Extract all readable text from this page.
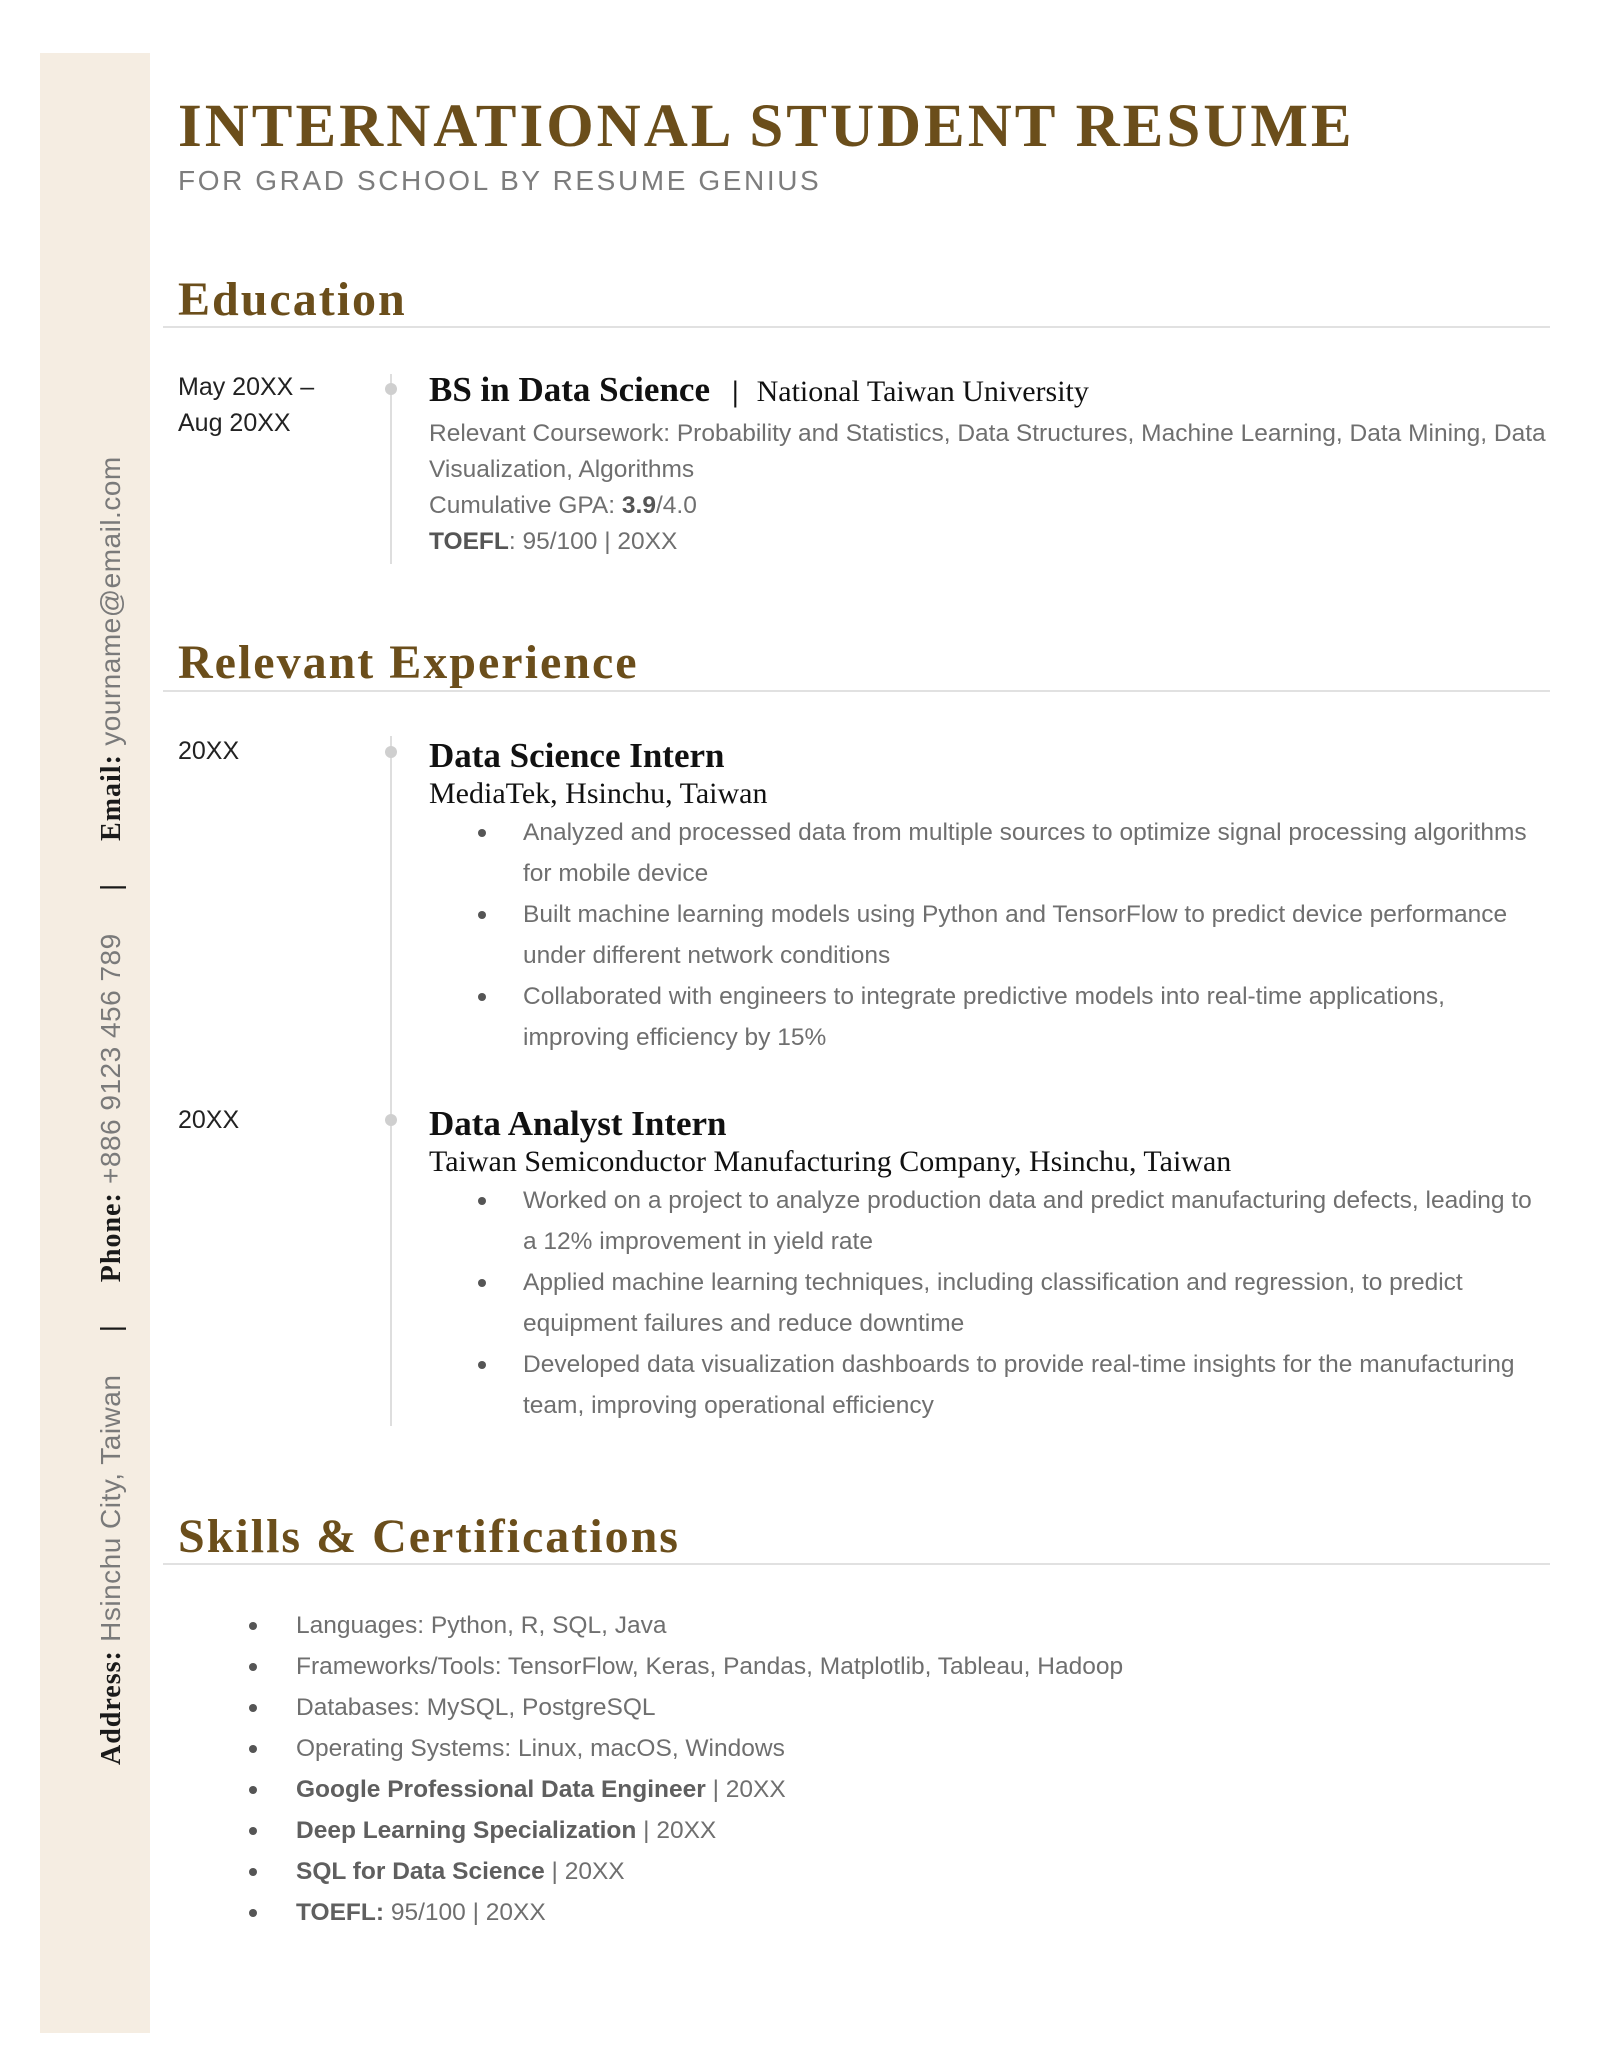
Address: Hsinchu City, Taiwan | Phone: +886 9123 456 789 | Email: yourname@email.com
INTERNATIONAL STUDENT RESUME
FOR GRAD SCHOOL BY RESUME GENIUS
Education
May 20XX –
Aug 20XX
BS in Data Science | National Taiwan University
Relevant Coursework: Probability and Statistics, Data Structures, Machine Learning, Data Mining, Data Visualization, Algorithms
Cumulative GPA: 3.9/4.0
TOEFL: 95/100 | 20XX
Relevant Experience
20XX	Data Science Intern
MediaTek, Hsinchu, Taiwan
Analyzed and processed data from multiple sources to optimize signal processing algorithms for mobile device
Built machine learning models using Python and TensorFlow to predict device performance under different network conditions
Collaborated with engineers to integrate predictive models into real-time applications, improving efficiency by 15%
20XX	Data Analyst Intern
Taiwan Semiconductor Manufacturing Company, Hsinchu, Taiwan
Worked on a project to analyze production data and predict manufacturing defects, leading to a 12% improvement in yield rate
Applied machine learning techniques, including classification and regression, to predict equipment failures and reduce downtime
Developed data visualization dashboards to provide real-time insights for the manufacturing team, improving operational efficiency
Skills & Certifications
Languages: Python, R, SQL, Java
Frameworks/Tools: TensorFlow, Keras, Pandas, Matplotlib, Tableau, Hadoop
Databases: MySQL, PostgreSQL
Operating Systems: Linux, macOS, Windows
Google Professional Data Engineer | 20XX
Deep Learning Specialization | 20XX
SQL for Data Science | 20XX
TOEFL: 95/100 | 20XX
